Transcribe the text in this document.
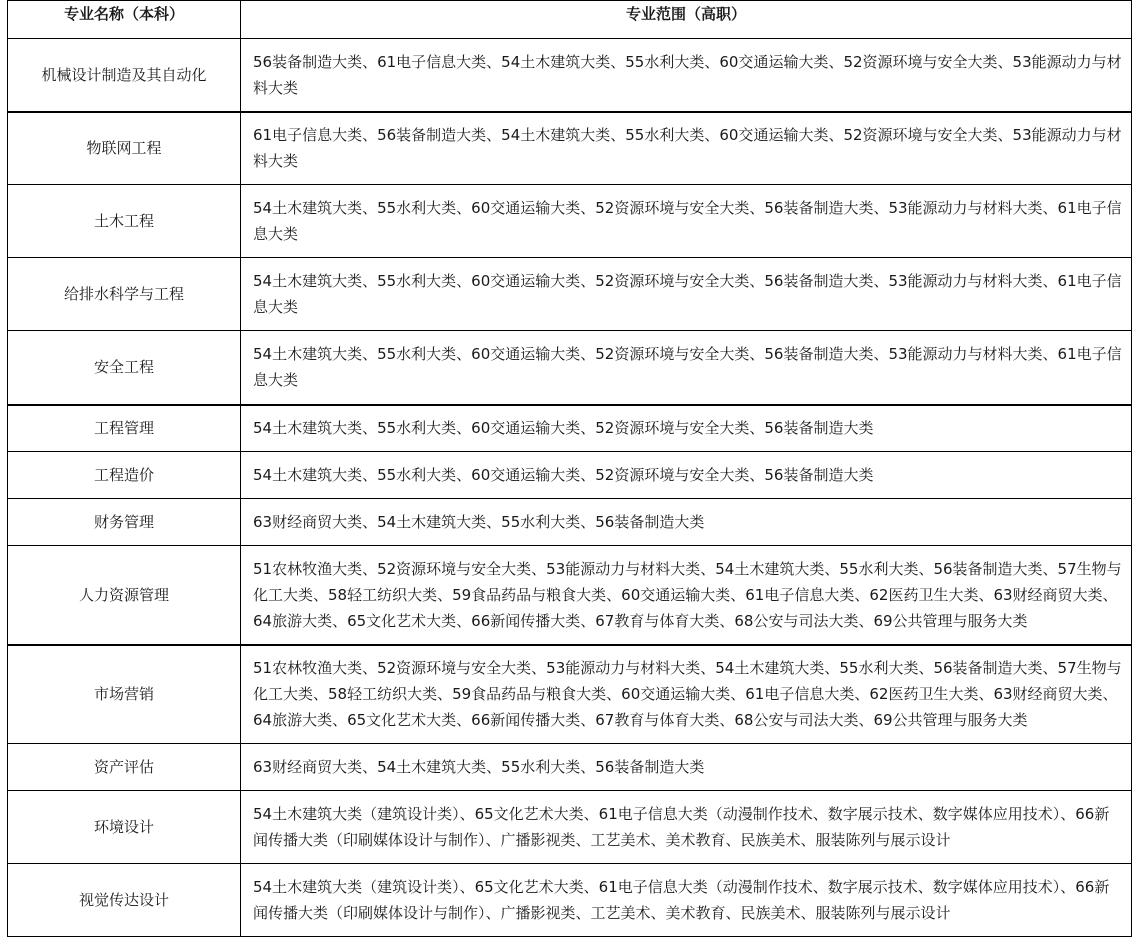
专业名称（本科）	专业范围（高职）
机械设计制造及其自动化	56装备制造大类、61电子信息大类、54土木建筑大类、55水利大类、60交通运输大类、52资源环境与安全大类、53能源动力与材料大类
物联网工程	61电子信息大类、56装备制造大类、54土木建筑大类、55水利大类、60交通运输大类、52资源环境与安全大类、53能源动力与材料大类
土木工程	54土木建筑大类、55水利大类、60交通运输大类、52资源环境与安全大类、56装备制造大类、53能源动力与材料大类、61电子信息大类
给排水科学与工程	54土木建筑大类、55水利大类、60交通运输大类、52资源环境与安全大类、56装备制造大类、53能源动力与材料大类、61电子信息大类
安全工程	54土木建筑大类、55水利大类、60交通运输大类、52资源环境与安全大类、56装备制造大类、53能源动力与材料大类、61电子信息大类
工程管理	54土木建筑大类、55水利大类、60交通运输大类、52资源环境与安全大类、56装备制造大类
工程造价	54土木建筑大类、55水利大类、60交通运输大类、52资源环境与安全大类、56装备制造大类
财务管理	63财经商贸大类、54土木建筑大类、55水利大类、56装备制造大类
人力资源管理	51农林牧渔大类、52资源环境与安全大类、53能源动力与材料大类、54土木建筑大类、55水利大类、56装备制造大类、57生物与化工大类、58轻工纺织大类、59食品药品与粮食大类、60交通运输大类、61电子信息大类、62医药卫生大类、63财经商贸大类、64旅游大类、65文化艺术大类、66新闻传播大类、67教育与体育大类、68公安与司法大类、69公共管理与服务大类
市场营销	51农林牧渔大类、52资源环境与安全大类、53能源动力与材料大类、54土木建筑大类、55水利大类、56装备制造大类、57生物与化工大类、58轻工纺织大类、59食品药品与粮食大类、60交通运输大类、61电子信息大类、62医药卫生大类、63财经商贸大类、64旅游大类、65文化艺术大类、66新闻传播大类、67教育与体育大类、68公安与司法大类、69公共管理与服务大类
资产评估	63财经商贸大类、54土木建筑大类、55水利大类、56装备制造大类
环境设计	54土木建筑大类（建筑设计类）、65文化艺术大类、61电子信息大类（动漫制作技术、数字展示技术、数字媒体应用技术）、66新闻传播大类（印刷媒体设计与制作）、广播影视类、工艺美术、美术教育、民族美术、服装陈列与展示设计
视觉传达设计	54土木建筑大类（建筑设计类）、65文化艺术大类、61电子信息大类（动漫制作技术、数字展示技术、数字媒体应用技术）、66新闻传播大类（印刷媒体设计与制作）、广播影视类、工艺美术、美术教育、民族美术、服装陈列与展示设计
